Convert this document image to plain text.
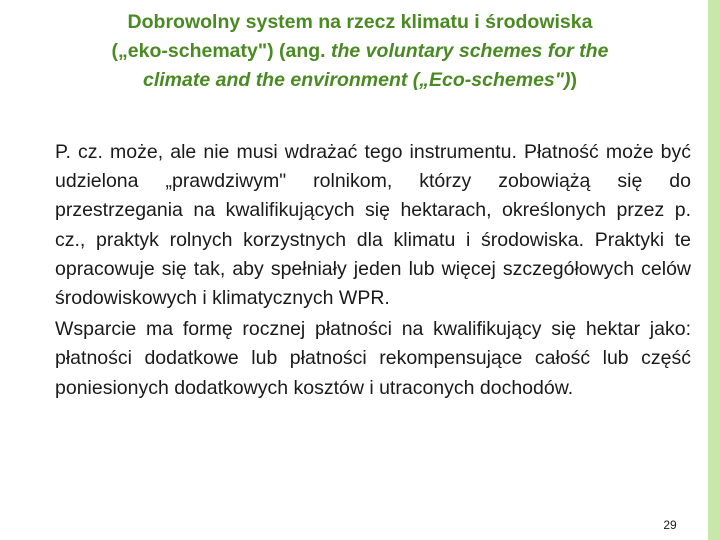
Dobrowolny system na rzecz klimatu i środowiska
(„eko-schematy") (ang. the voluntary schemes for the
climate and the environment („Eco-schemes"))

P. cz. może, ale nie musi wdrażać tego instrumentu. Płatność może być udzielona „prawdziwym" rolnikom, którzy zobowiążą się do przestrzegania na kwalifikujących się hektarach, określonych przez p. cz., praktyk rolnych korzystnych dla klimatu i środowiska. Praktyki te opracowuje się tak, aby spełniały jeden lub więcej szczegółowych celów środowiskowych i klimatycznych WPR.

Wsparcie ma formę rocznej płatności na kwalifikujący się hektar jako: płatności dodatkowe lub płatności rekompensujące całość lub część poniesionych dodatkowych kosztów i utraconych dochodów.

29
